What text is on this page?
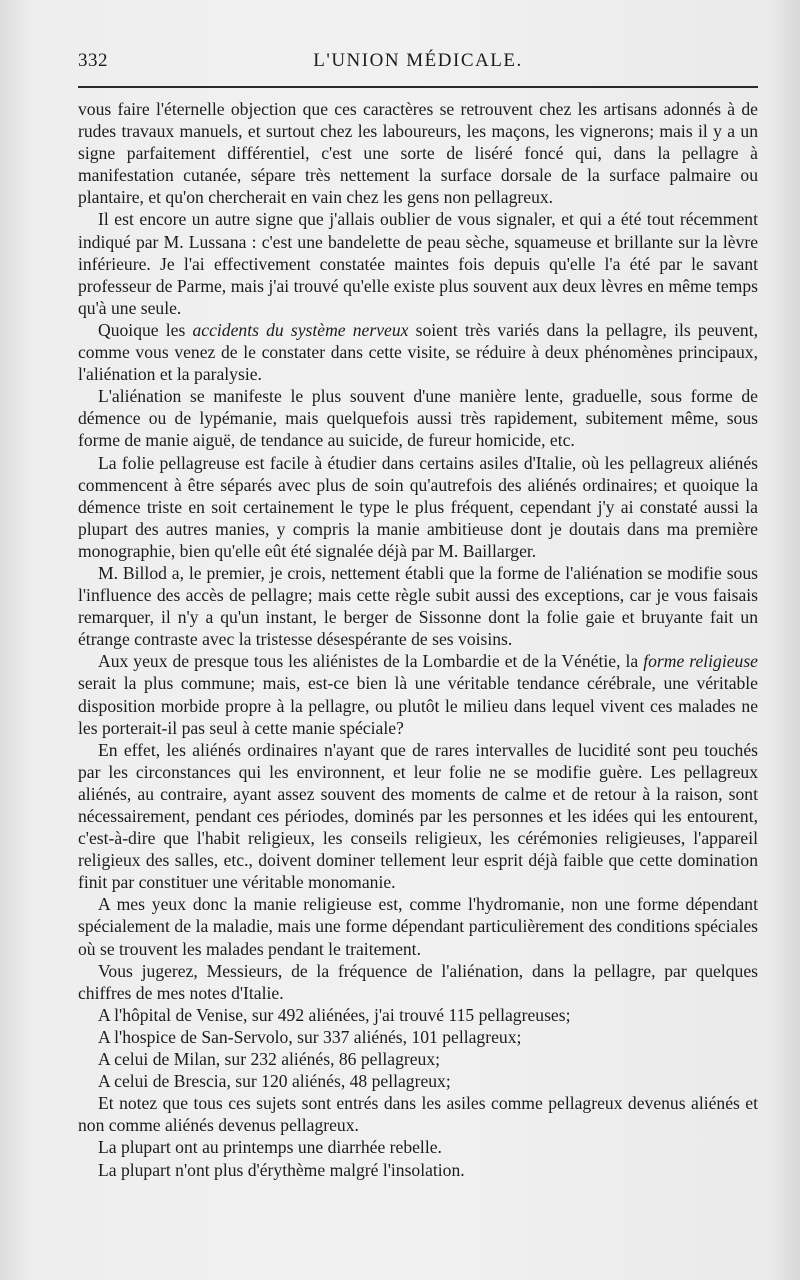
332	L'UNION MÉDICALE.

vous faire l'éternelle objection que ces caractères se retrouvent chez les artisans adonnés à de rudes travaux manuels, et surtout chez les laboureurs, les maçons, les vignerons; mais il y a un signe parfaitement différentiel, c'est une sorte de liséré foncé qui, dans la pellagre à manifestation cutanée, sépare très nettement la surface dorsale de la surface palmaire ou plantaire, et qu'on chercherait en vain chez les gens non pellagreux.

Il est encore un autre signe que j'allais oublier de vous signaler, et qui a été tout récemment indiqué par M. Lussana : c'est une bandelette de peau sèche, squameuse et brillante sur la lèvre inférieure. Je l'ai effectivement constatée maintes fois depuis qu'elle l'a été par le savant professeur de Parme, mais j'ai trouvé qu'elle existe plus souvent aux deux lèvres en même temps qu'à une seule.

Quoique les accidents du système nerveux soient très variés dans la pellagre, ils peuvent, comme vous venez de le constater dans cette visite, se réduire à deux phénomènes principaux, l'aliénation et la paralysie.

L'aliénation se manifeste le plus souvent d'une manière lente, graduelle, sous forme de démence ou de lypémanie, mais quelquefois aussi très rapidement, subitement même, sous forme de manie aiguë, de tendance au suicide, de fureur homicide, etc.

La folie pellagreuse est facile à étudier dans certains asiles d'Italie, où les pellagreux aliénés commencent à être séparés avec plus de soin qu'autrefois des aliénés ordinaires; et quoique la démence triste en soit certainement le type le plus fréquent, cependant j'y ai constaté aussi la plupart des autres manies, y compris la manie ambitieuse dont je doutais dans ma première monographie, bien qu'elle eût été signalée déjà par M. Baillarger.

M. Billod a, le premier, je crois, nettement établi que la forme de l'aliénation se modifie sous l'influence des accès de pellagre; mais cette règle subit aussi des exceptions, car je vous faisais remarquer, il n'y a qu'un instant, le berger de Sissonne dont la folie gaie et bruyante fait un étrange contraste avec la tristesse désespérante de ses voisins.

Aux yeux de presque tous les aliénistes de la Lombardie et de la Vénétie, la forme religieuse serait la plus commune; mais, est-ce bien là une véritable tendance cérébrale, une véritable disposition morbide propre à la pellagre, ou plutôt le milieu dans lequel vivent ces malades ne les porterait-il pas seul à cette manie spéciale?

En effet, les aliénés ordinaires n'ayant que de rares intervalles de lucidité sont peu touchés par les circonstances qui les environnent, et leur folie ne se modifie guère. Les pellagreux aliénés, au contraire, ayant assez souvent des moments de calme et de retour à la raison, sont nécessairement, pendant ces périodes, dominés par les personnes et les idées qui les entourent, c'est-à-dire que l'habit religieux, les conseils religieux, les cérémonies religieuses, l'appareil religieux des salles, etc., doivent dominer tellement leur esprit déjà faible que cette domination finit par constituer une véritable monomanie.

A mes yeux donc la manie religieuse est, comme l'hydromanie, non une forme dépendant spécialement de la maladie, mais une forme dépendant particulièrement des conditions spéciales où se trouvent les malades pendant le traitement.

Vous jugerez, Messieurs, de la fréquence de l'aliénation, dans la pellagre, par quelques chiffres de mes notes d'Italie.

A l'hôpital de Venise, sur 492 aliénées, j'ai trouvé 115 pellagreuses;

A l'hospice de San-Servolo, sur 337 aliénés, 101 pellagreux;

A celui de Milan, sur 232 aliénés, 86 pellagreux;

A celui de Brescia, sur 120 aliénés, 48 pellagreux;

Et notez que tous ces sujets sont entrés dans les asiles comme pellagreux devenus aliénés et non comme aliénés devenus pellagreux.

La plupart ont au printemps une diarrhée rebelle.

La plupart n'ont plus d'érythème malgré l'insolation.
